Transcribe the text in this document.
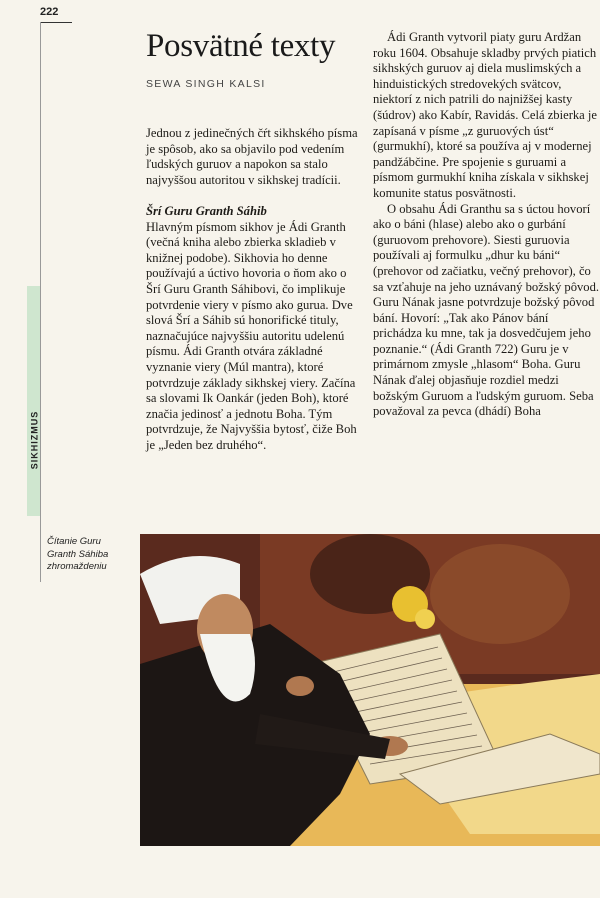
222
SIKHIZMUS
Čítanie Guru
Granth Sáhiba
zhromaždeniu
Posvätné texty
SEWA SINGH KALSI

Jednou z jedinečných čŕt sikhského písma je spôsob, ako sa objavilo pod vedením ľudských guruov a napokon sa stalo najvyššou autoritou v sikhskej tradícii.

Šrí Guru Granth Sáhib

Hlavným písmom sikhov je Ádi Granth (večná kniha alebo zbierka skladieb v knižnej podobe). Sikhovia ho denne používajú a úctivo hovoria o ňom ako o Šrí Guru Granth Sáhibovi, čo implikuje potvrdenie viery v písmo ako gurua. Dve slová Šrí a Sáhib sú honorifické tituly, naznačujúce najvyššiu autoritu udelenú písmu. Ádi Granth otvára základné vyznanie viery (Múl mantra), ktoré potvrdzuje základy sikhskej viery. Začína sa slovami Ik Oankár (jeden Boh), ktoré značia jedinosť a jednotu Boha. Tým potvrdzuje, že Najvyššia bytosť, čiže Boh je „Jeden bez druhého“.

Ádi Granth vytvoril piaty guru Ardžan roku 1604. Obsahuje skladby prvých piatich sikhských guruov aj diela muslimských a hinduistických stredovekých svätcov, niektorí z nich patrili do najnižšej kasty (šúdrov) ako Kabír, Ravidás. Celá zbierka je zapísaná v písme „z guruových úst“ (gurmukhí), ktoré sa používa aj v modernej pandžábčine. Pre spojenie s guruami a písmom gurmukhí kniha získala v sikhskej komunite status posvätnosti.

O obsahu Ádi Granthu sa s úctou hovorí ako o báni (hlase) alebo ako o gurbání (guruovom prehovore). Siesti guruovia používali aj formulku „dhur ku báni“ (prehovor od začiatku, večný prehovor), čo sa vzťahuje na jeho uznávaný božský pôvod. Guru Nának jasne potvrdzuje božský pôvod bání. Hovorí: „Tak ako Pánov bání prichádza ku mne, tak ja dosvedčujem jeho poznanie.“ (Ádi Granth 722) Guru je v primárnom zmysle „hlasom“ Boha. Guru Nának ďalej objasňuje rozdiel medzi božským Guruom a ľudským guruom. Seba považoval za pevca (dhádí) Boha
